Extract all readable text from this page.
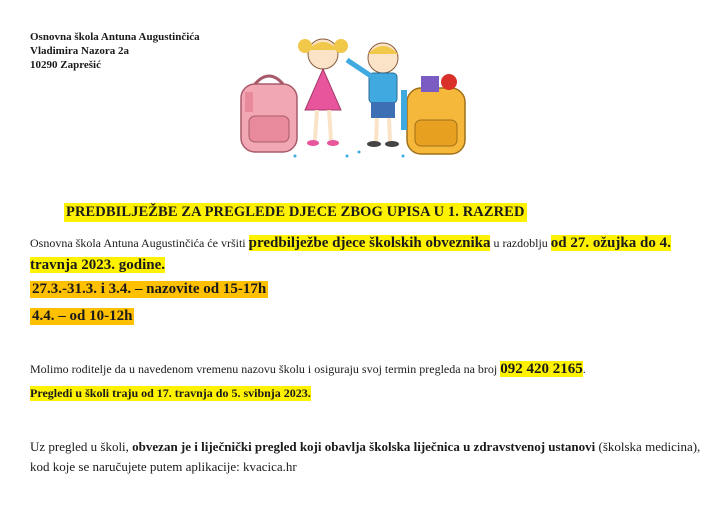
Osnovna škola Antuna Augustinčića
Vladimira Nazora 2a
10290 Zaprešić
PREDBILJEŽBE ZA PREGLEDE DJECE ZBOG UPISA U 1. RAZRED
Osnovna škola Antuna Augustinčića će vršiti predbilježbe djece školskih obveznika u razdoblju od 27. ožujka do 4. travnja 2023. godine.
27.3.-31.3. i 3.4. – nazovite od 15-17h
4.4. – od 10-12h
Molimo roditelje da u navedenom vremenu nazovu školu i osiguraju svoj termin pregleda na broj 092 420 2165.
Pregledi u školi traju od 17. travnja do 5. svibnja 2023.
Uz pregled u školi, obvezan je i liječnički pregled koji obavlja školska liječnica u zdravstvenoj ustanovi (školska medicina), kod koje se naručujete putem aplikacije: kvacica.hr
